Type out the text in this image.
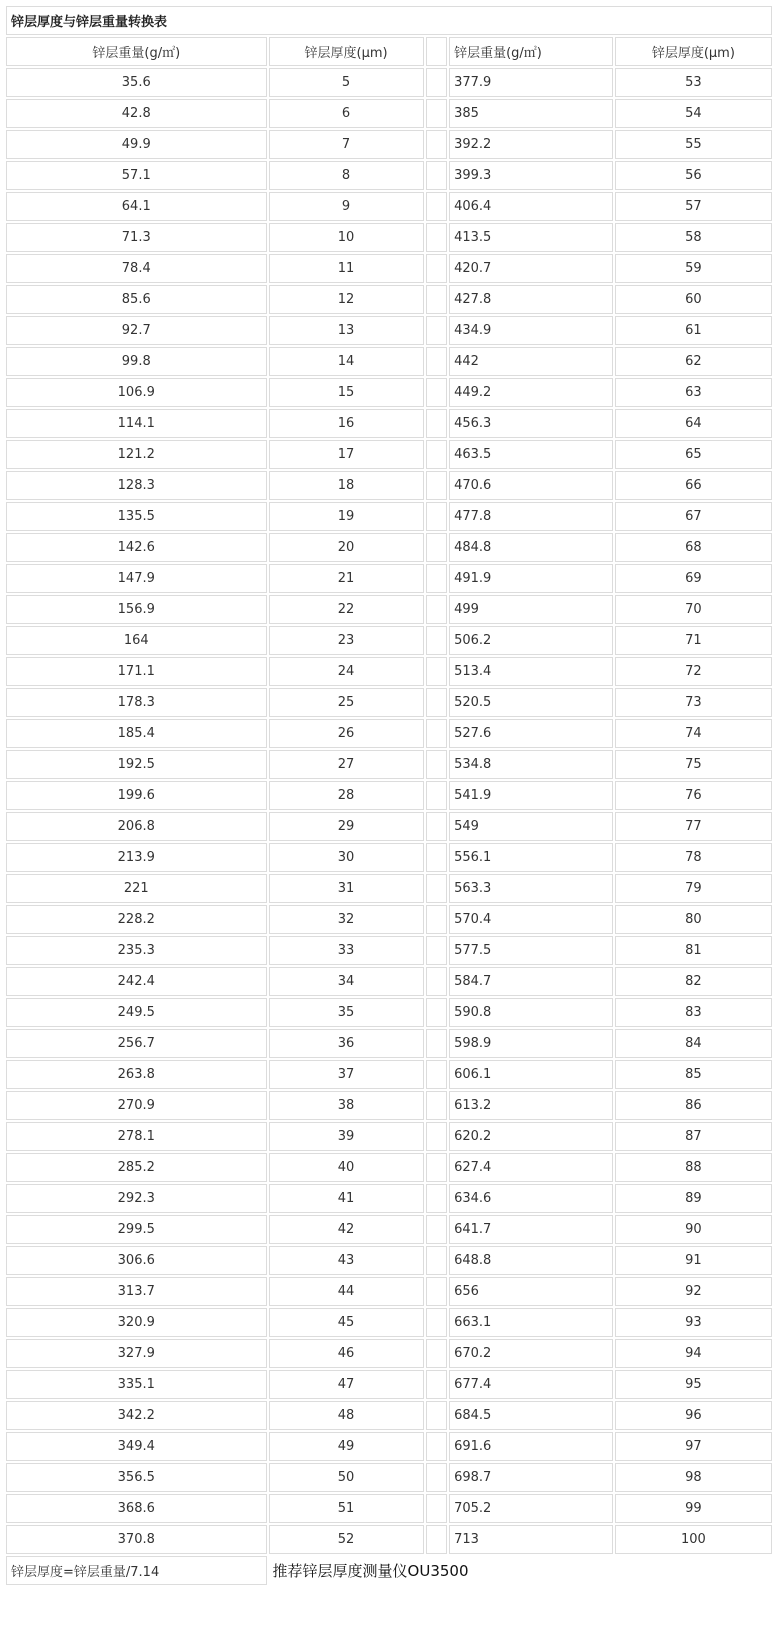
锌层厚度与锌层重量转换表				
锌层重量(g/㎡)	锌层厚度(μm)		锌层重量(g/㎡)	锌层厚度(μm)
35.6	5		377.9	53
42.8	6		385	54
49.9	7		392.2	55
57.1	8		399.3	56
64.1	9		406.4	57
71.3	10		413.5	58
78.4	11		420.7	59
85.6	12		427.8	60
92.7	13		434.9	61
99.8	14		442	62
106.9	15		449.2	63
114.1	16		456.3	64
121.2	17		463.5	65
128.3	18		470.6	66
135.5	19		477.8	67
142.6	20		484.8	68
147.9	21		491.9	69
156.9	22		499	70
164	23		506.2	71
171.1	24		513.4	72
178.3	25		520.5	73
185.4	26		527.6	74
192.5	27		534.8	75
199.6	28		541.9	76
206.8	29		549	77
213.9	30		556.1	78
221	31		563.3	79
228.2	32		570.4	80
235.3	33		577.5	81
242.4	34		584.7	82
249.5	35		590.8	83
256.7	36		598.9	84
263.8	37		606.1	85
270.9	38		613.2	86
278.1	39		620.2	87
285.2	40		627.4	88
292.3	41		634.6	89
299.5	42		641.7	90
306.6	43		648.8	91
313.7	44		656	92
320.9	45		663.1	93
327.9	46		670.2	94
335.1	47		677.4	95
342.2	48		684.5	96
349.4	49		691.6	97
356.5	50		698.7	98
368.6	51		705.2	99
370.8	52		713	100
锌层厚度=锌层重量/7.14	推荐锌层厚度测量仪OU3500			
